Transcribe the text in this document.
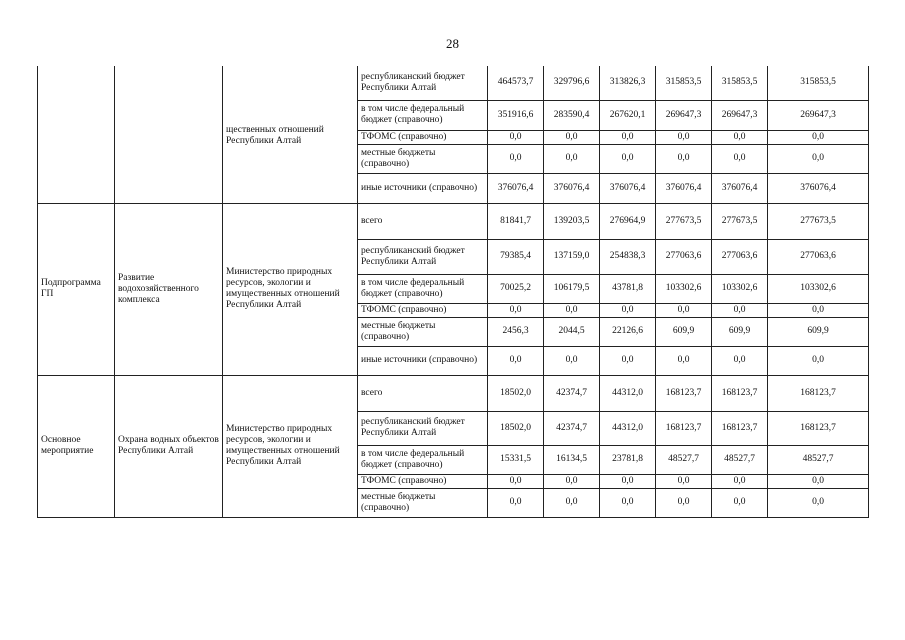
28
		щественных отношений Республики Алтай	республиканский бюджет Республики Алтай	464573,7	329796,6	313826,3	315853,5	315853,5	315853,5
			в том числе федеральный бюджет (справочно)	351916,6	283590,4	267620,1	269647,3	269647,3	269647,3
			ТФОМС (справочно)	0,0	0,0	0,0	0,0	0,0	0,0
			местные бюджеты (справочно)	0,0	0,0	0,0	0,0	0,0	0,0
			иные источники (справочно)	376076,4	376076,4	376076,4	376076,4	376076,4	376076,4
Подпрограмма ГП	Развитие водохозяйственного комплекса	Министерство природных ресурсов, экологии и имущественных отношений Республики Алтай	всего	81841,7	139203,5	276964,9	277673,5	277673,5	277673,5
			республиканский бюджет Республики Алтай	79385,4	137159,0	254838,3	277063,6	277063,6	277063,6
			в том числе федеральный бюджет (справочно)	70025,2	106179,5	43781,8	103302,6	103302,6	103302,6
			ТФОМС (справочно)	0,0	0,0	0,0	0,0	0,0	0,0
			местные бюджеты (справочно)	2456,3	2044,5	22126,6	609,9	609,9	609,9
			иные источники (справочно)	0,0	0,0	0,0	0,0	0,0	0,0
Основное мероприятие	Охрана водных объектов Республики Алтай	Министерство природных ресурсов, экологии и имущественных отношений Республики Алтай	всего	18502,0	42374,7	44312,0	168123,7	168123,7	168123,7
			республиканский бюджет Республики Алтай	18502,0	42374,7	44312,0	168123,7	168123,7	168123,7
			в том числе федеральный бюджет (справочно)	15331,5	16134,5	23781,8	48527,7	48527,7	48527,7
			ТФОМС (справочно)	0,0	0,0	0,0	0,0	0,0	0,0
			местные бюджеты (справочно)	0,0	0,0	0,0	0,0	0,0	0,0
